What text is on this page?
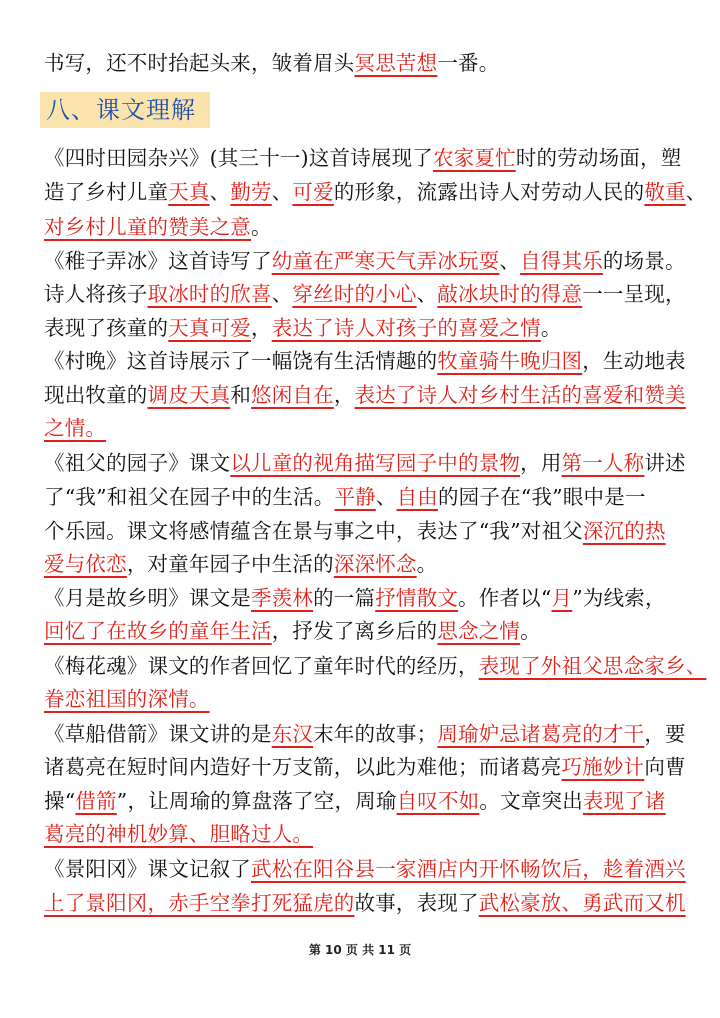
八、课文理解
书写，还不时抬起头来，皱着眉头冥思苦想一番。
《四时田园杂兴》(其三十一)这首诗展现了农家夏忙时的劳动场面，塑
造了乡村儿童天真、勤劳、可爱的形象，流露出诗人对劳动人民的敬重、
对乡村儿童的赞美之意。
《稚子弄冰》这首诗写了幼童在严寒天气弄冰玩耍、自得其乐的场景。
诗人将孩子取冰时的欣喜、穿丝时的小心、敲冰块时的得意一一呈现，
表现了孩童的天真可爱，表达了诗人对孩子的喜爱之情。
《村晚》这首诗展示了一幅饶有生活情趣的牧童骑牛晚归图，生动地表
现出牧童的调皮天真和悠闲自在，表达了诗人对乡村生活的喜爱和赞美
之情。
《祖父的园子》课文以儿童的视角描写园子中的景物，用第一人称讲述
了“我”和祖父在园子中的生活。平静、自由的园子在“我”眼中是一
个乐园。课文将感情蕴含在景与事之中，表达了“我”对祖父深沉的热
爱与依恋，对童年园子中生活的深深怀念。
《月是故乡明》课文是季羡林的一篇抒情散文。作者以“月”为线索，
回忆了在故乡的童年生活，抒发了离乡后的思念之情。
《梅花魂》课文的作者回忆了童年时代的经历，表现了外祖父思念家乡、
眷恋祖国的深情。
《草船借箭》课文讲的是东汉末年的故事；周瑜妒忌诸葛亮的才干，要
诸葛亮在短时间内造好十万支箭，以此为难他；而诸葛亮巧施妙计向曹
操“借箭”，让周瑜的算盘落了空，周瑜自叹不如。文章突出表现了诸
葛亮的神机妙算、胆略过人。
《景阳冈》课文记叙了武松在阳谷县一家酒店内开怀畅饮后，趁着酒兴
上了景阳冈，赤手空拳打死猛虎的故事，表现了武松豪放、勇武而又机
第 10 页 共 11 页
